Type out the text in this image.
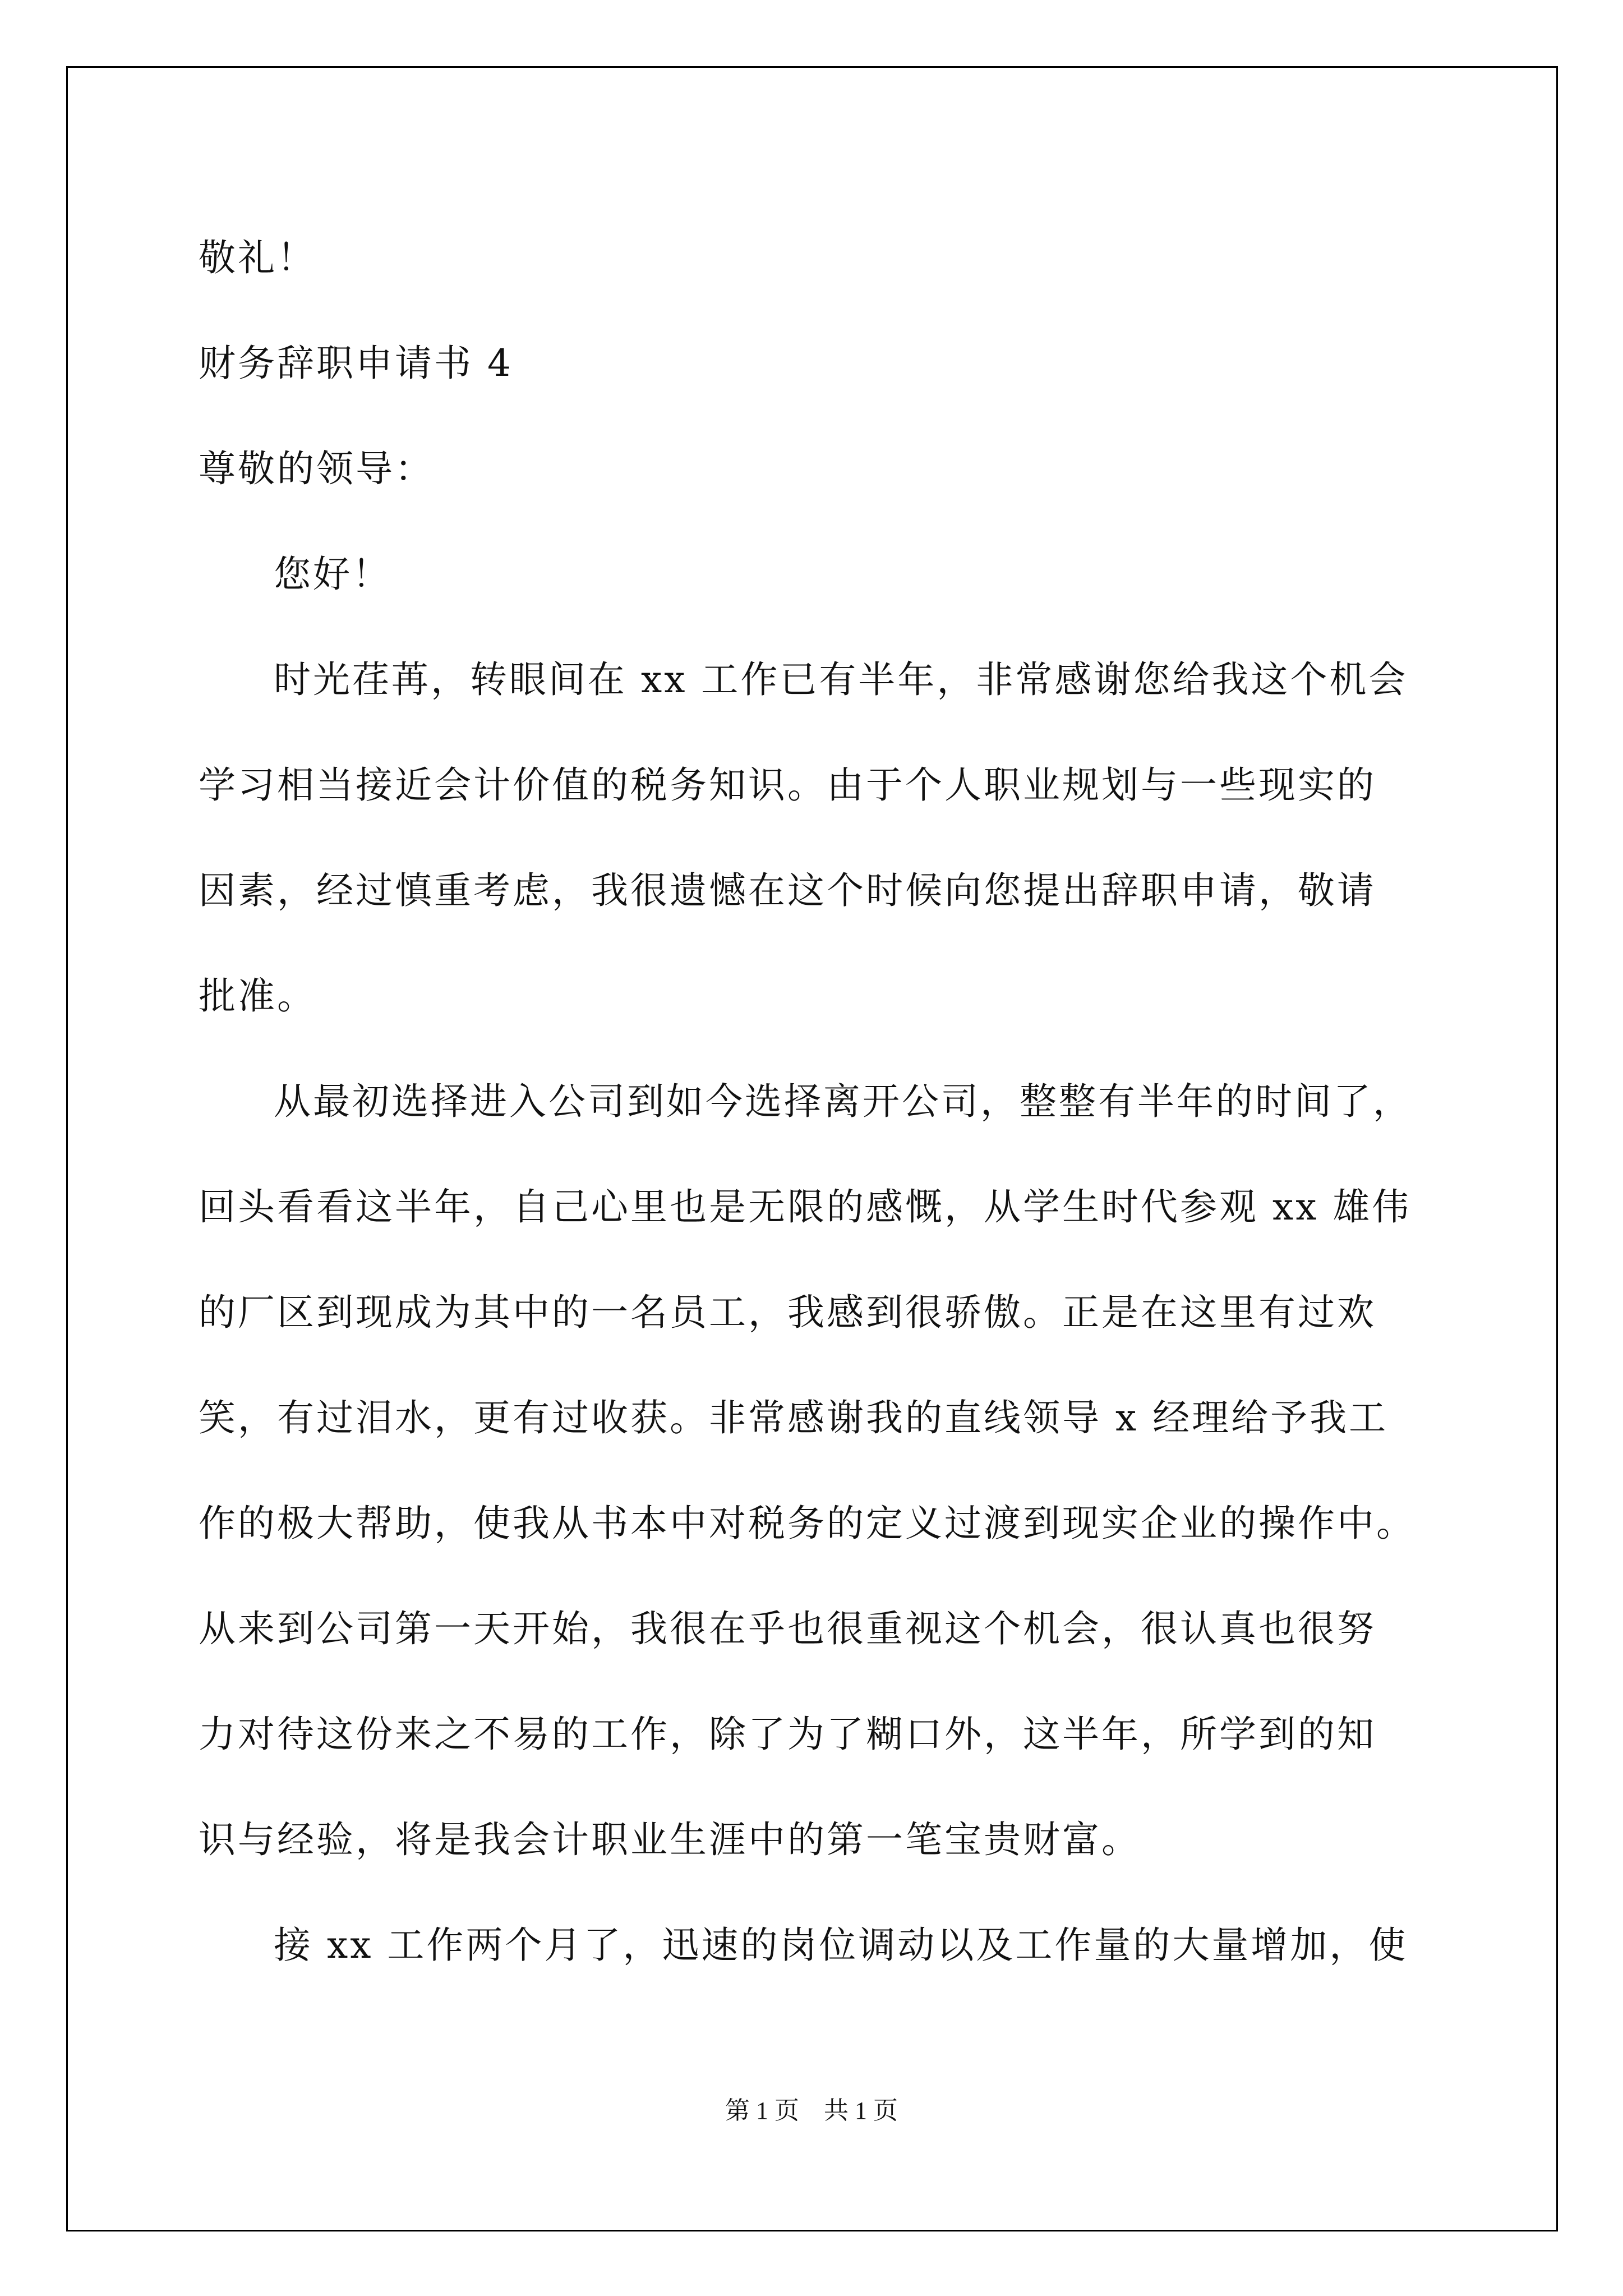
敬礼！
财务辞职申请书 4
尊敬的领导：
您好！
时光荏苒，转眼间在 xx 工作已有半年，非常感谢您给我这个机会
学习相当接近会计价值的税务知识。由于个人职业规划与一些现实的
因素，经过慎重考虑，我很遗憾在这个时候向您提出辞职申请，敬请
批准。
从最初选择进入公司到如今选择离开公司，整整有半年的时间了，
回头看看这半年，自己心里也是无限的感慨，从学生时代参观 xx 雄伟
的厂区到现成为其中的一名员工，我感到很骄傲。正是在这里有过欢
笑，有过泪水，更有过收获。非常感谢我的直线领导 x 经理给予我工
作的极大帮助，使我从书本中对税务的定义过渡到现实企业的操作中。
从来到公司第一天开始，我很在乎也很重视这个机会，很认真也很努
力对待这份来之不易的工作，除了为了糊口外，这半年，所学到的知
识与经验，将是我会计职业生涯中的第一笔宝贵财富。
接 xx 工作两个月了，迅速的岗位调动以及工作量的大量增加，使
第 1 页　共 1 页
